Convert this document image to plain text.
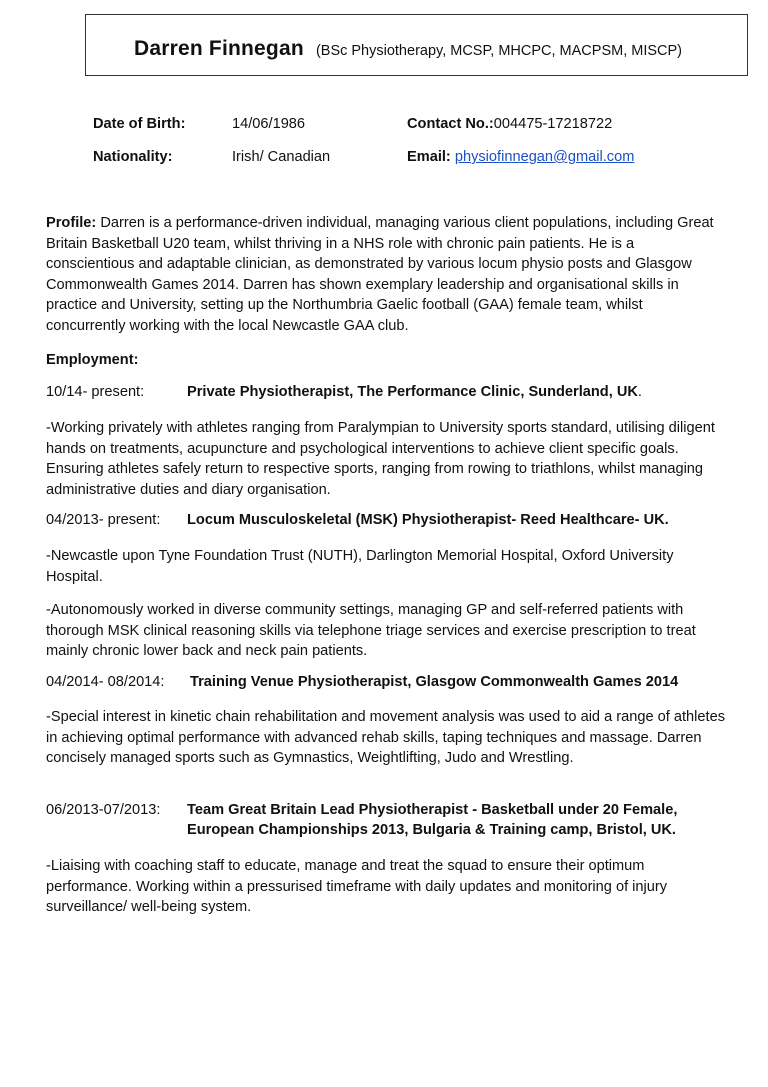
Darren Finnegan (BSc Physiotherapy, MCSP, MHCPC, MACPSM, MISCP)
Date of Birth:	14/06/1986	Contact No.:004475-17218722
Nationality:	Irish/ Canadian	Email: physiofinnegan@gmail.com
Profile: Darren is a performance-driven individual, managing various client populations, including Great Britain Basketball U20 team, whilst thriving in a NHS role with chronic pain patients. He is a conscientious and adaptable clinician, as demonstrated by various locum physio posts and Glasgow Commonwealth Games 2014. Darren has shown exemplary leadership and organisational skills in practice and University, setting up the Northumbria Gaelic football (GAA) female team, whilst concurrently working with the local Newcastle GAA club.
Employment:
10/14- present:	Private Physiotherapist, The Performance Clinic, Sunderland, UK.
-Working privately with athletes ranging from Paralympian to University sports standard, utilising diligent hands on treatments, acupuncture and psychological interventions to achieve client specific goals. Ensuring athletes safely return to respective sports, ranging from rowing to triathlons, whilst managing administrative duties and diary organisation.
04/2013- present: Locum Musculoskeletal (MSK) Physiotherapist- Reed Healthcare- UK.
-Newcastle upon Tyne Foundation Trust (NUTH), Darlington Memorial Hospital, Oxford University Hospital.
-Autonomously worked in diverse community settings, managing GP and self-referred patients with thorough MSK clinical reasoning skills via telephone triage services and exercise prescription to treat mainly chronic lower back and neck pain patients.
04/2014- 08/2014: Training Venue Physiotherapist, Glasgow Commonwealth Games 2014
-Special interest in kinetic chain rehabilitation and movement analysis was used to aid a range of athletes in achieving optimal performance with advanced rehab skills, taping techniques and massage. Darren concisely managed sports such as Gymnastics, Weightlifting, Judo and Wrestling.
06/2013-07/2013: Team Great Britain Lead Physiotherapist - Basketball under 20 Female,
European Championships 2013, Bulgaria & Training camp, Bristol, UK.
-Liaising with coaching staff to educate, manage and treat the squad to ensure their optimum performance. Working within a pressurised timeframe with daily updates and monitoring of injury surveillance/ well-being system.
